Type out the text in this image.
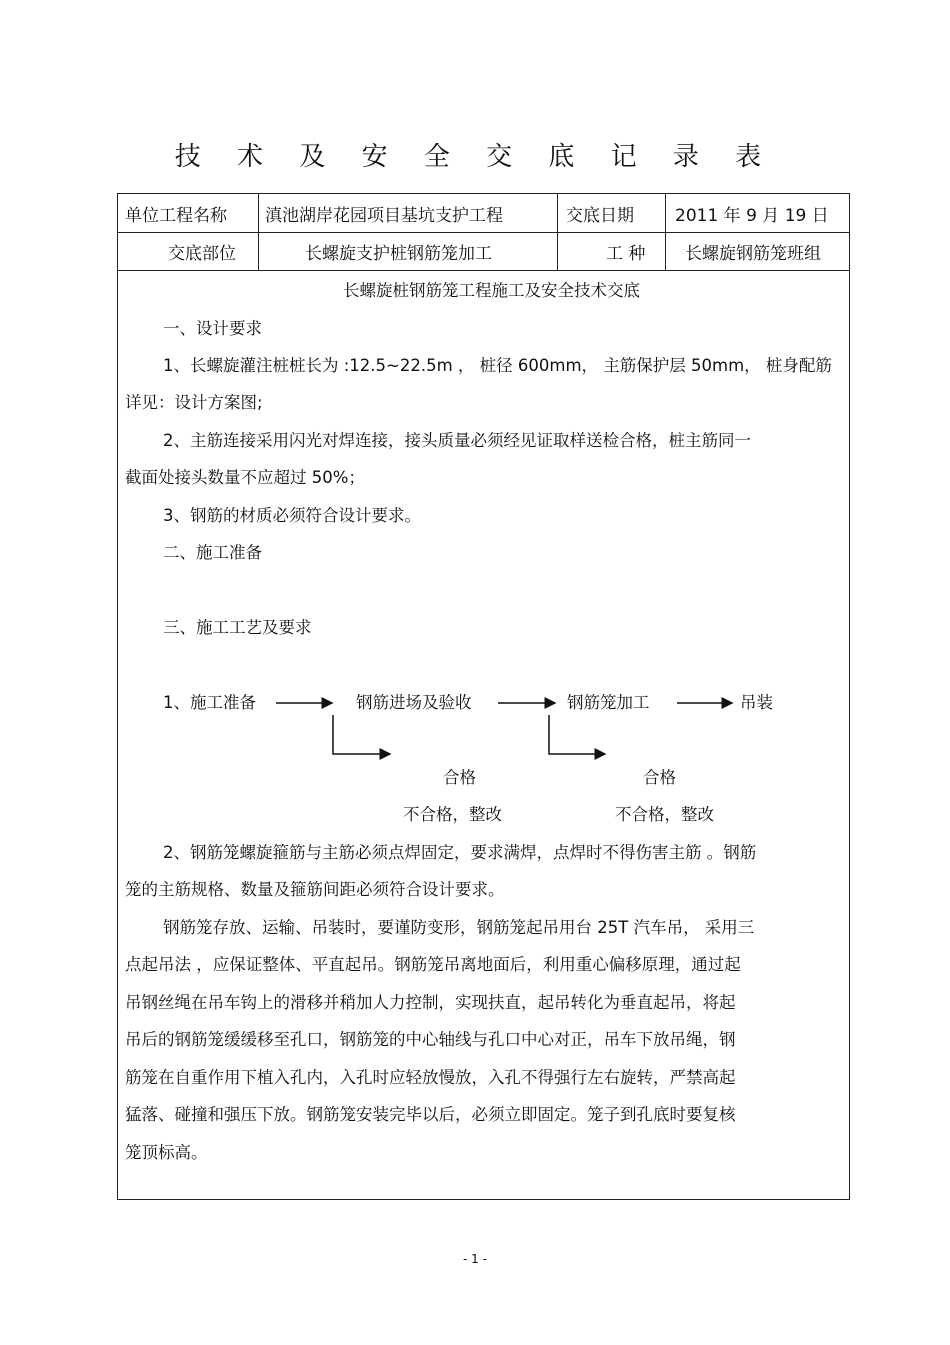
技 术 及 安 全 交 底 记 录 表
单位工程名称 滇池湖岸花园项目基坑支护工程	交底日期 2011 年 9 月 19 日
交底部位	长螺旋支护桩钢筋笼加工	工 种 长螺旋钢筋笼班组
长螺旋桩钢筋笼工程施工及安全技术交底
一、设计要求
1、长螺旋灌注桩桩长为 :12.5~22.5m ， 桩径 600mm， 主筋保护层 50mm， 桩身配筋
详见：设计方案图;
2、主筋连接采用闪光对焊连接，接头质量必须经见证取样送检合格，桩主筋同一
截面处接头数量不应超过 50%；
3、钢筋的材质必须符合设计要求。
二、施工准备
三、施工工艺及要求
1、施工准备	钢筋进场及验收	钢筋笼加工	吊装
合格	合格
不合格，整改	不合格，整改
2、钢筋笼螺旋箍筋与主筋必须点焊固定，要求满焊，点焊时不得伤害主筋 。钢筋
笼的主筋规格、数量及箍筋间距必须符合设计要求。
钢筋笼存放、运输、吊装时，要谨防变形，钢筋笼起吊用台 25T 汽车吊， 采用三
点起吊法 ，应保证整体、平直起吊。钢筋笼吊离地面后，利用重心偏移原理，通过起
吊钢丝绳在吊车钩上的滑移并稍加人力控制，实现扶直，起吊转化为垂直起吊，将起
吊后的钢筋笼缓缓移至孔口，钢筋笼的中心轴线与孔口中心对正，吊车下放吊绳，钢
筋笼在自重作用下植入孔内，入孔时应轻放慢放，入孔不得强行左右旋转，严禁高起
猛落、碰撞和强压下放。钢筋笼安装完毕以后，必须立即固定。笼子到孔底时要复核
笼顶标高。
- 1 -
